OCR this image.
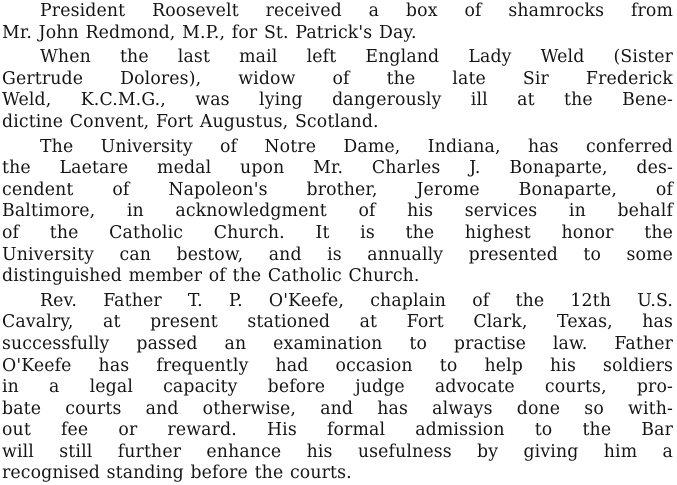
President Roosevelt received a box of shamrocks from
Mr. John Redmond, M.P., for St. Patrick's Day.
When the last mail left England Lady Weld (Sister
Gertrude Dolores), widow of the late Sir Frederick
Weld, K.C.M.G., was lying dangerously ill at the Bene-
dictine Convent, Fort Augustus, Scotland.
The University of Notre Dame, Indiana, has conferred
the Laetare medal upon Mr. Charles J. Bonaparte, des-
cendent of Napoleon's brother, Jerome Bonaparte, of
Baltimore, in acknowledgment of his services in behalf
of the Catholic Church. It is the highest honor the
University can bestow, and is annually presented to some
distinguished member of the Catholic Church.
Rev. Father T. P. O'Keefe, chaplain of the 12th U.S.
Cavalry, at present stationed at Fort Clark, Texas, has
successfully passed an examination to practise law. Father
O'Keefe has frequently had occasion to help his soldiers
in a legal capacity before judge advocate courts, pro-
bate courts and otherwise, and has always done so with-
out fee or reward. His formal admission to the Bar
will still further enhance his usefulness by giving him a
recognised standing before the courts.
